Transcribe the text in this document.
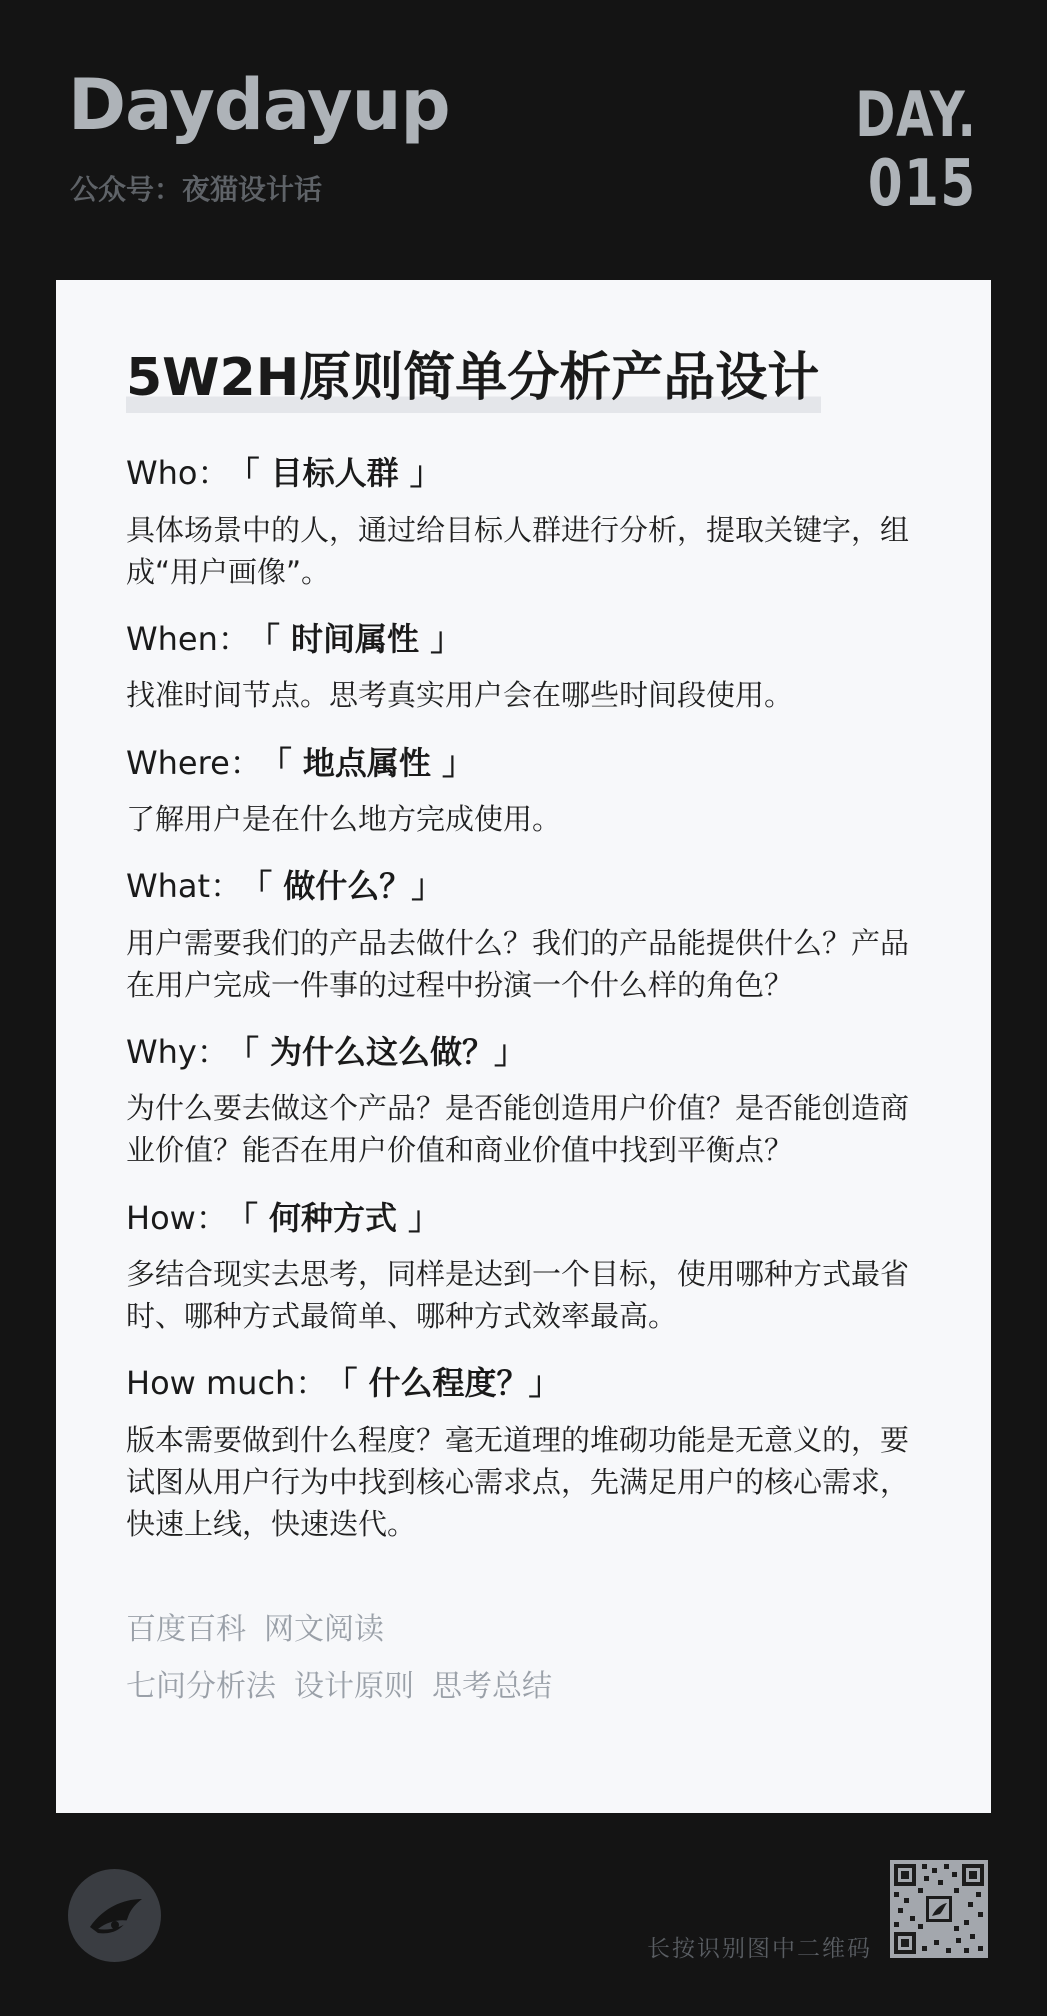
Daydayup
公众号：夜猫设计话
DAY.
015
5W2H原则简单分析产品设计

Who： 「 目标人群 」

具体场景中的人，通过给目标人群进行分析，提取关键字，组成“用户画像”。

When： 「 时间属性 」

找准时间节点。思考真实用户会在哪些时间段使用。

Where： 「 地点属性 」

了解用户是在什么地方完成使用。

What： 「 做什么？」

用户需要我们的产品去做什么？我们的产品能提供什么？产品在用户完成一件事的过程中扮演一个什么样的角色？

Why： 「 为什么这么做？」

为什么要去做这个产品？是否能创造用户价值？是否能创造商业价值？能否在用户价值和商业价值中找到平衡点？

How： 「 何种方式 」

多结合现实去思考，同样是达到一个目标，使用哪种方式最省时、哪种方式最简单、哪种方式效率最高。

How much： 「 什么程度？」

版本需要做到什么程度？毫无道理的堆砌功能是无意义的，要试图从用户行为中找到核心需求点，先满足用户的核心需求，快速上线，快速迭代。

百度百科 网文阅读
七问分析法 设计原则 思考总结
长按识别图中二维码
